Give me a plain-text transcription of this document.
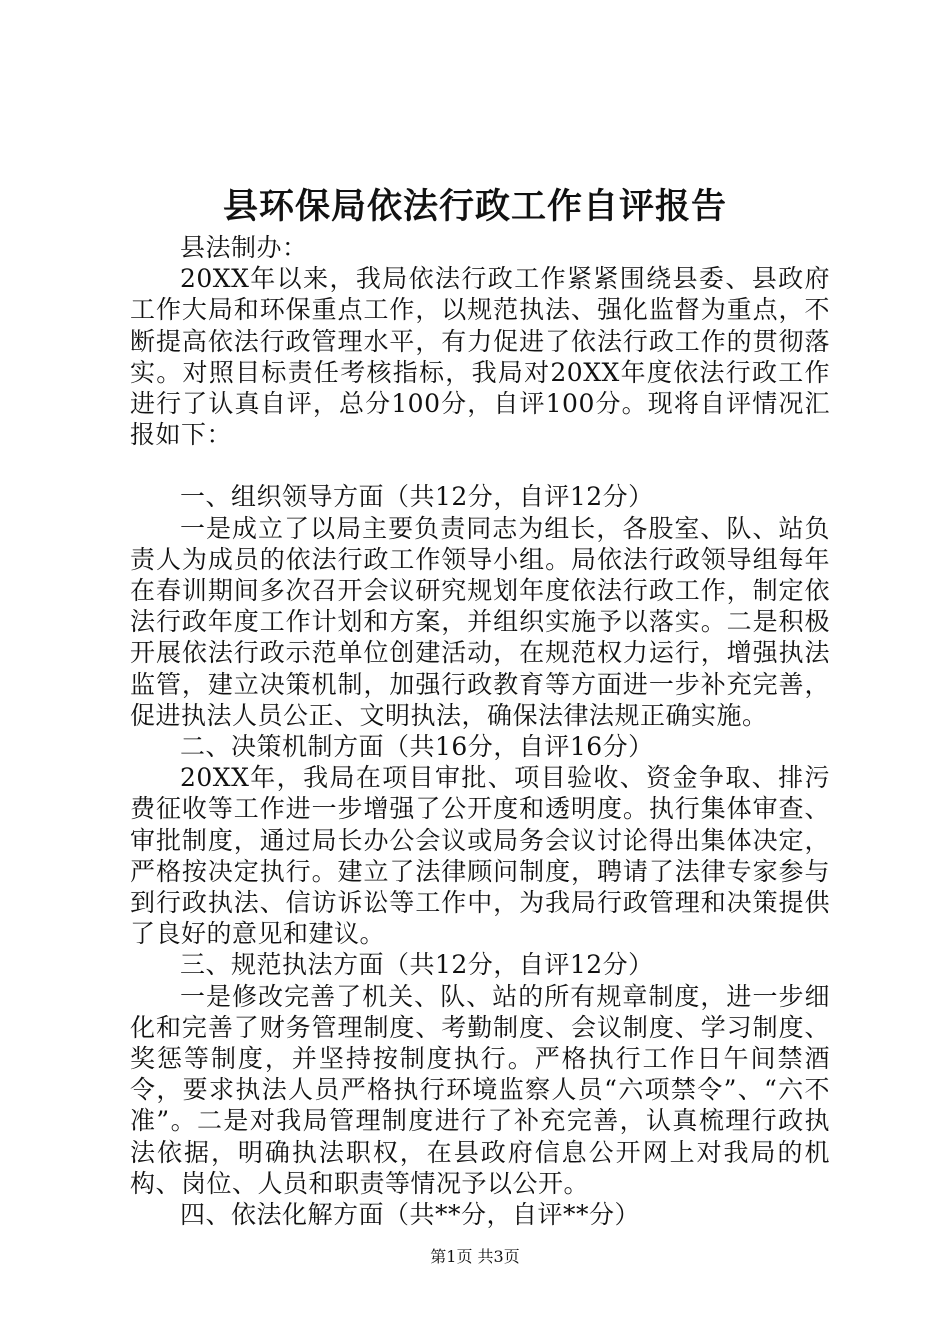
县环保局依法行政工作自评报告

县法制办：

20XX年以来，我局依法行政工作紧紧围绕县委、县政府工作大局和环保重点工作，以规范执法、强化监督为重点，不断提高依法行政管理水平，有力促进了依法行政工作的贯彻落实。对照目标责任考核指标，我局对20XX年度依法行政工作进行了认真自评，总分100分，自评100分。现将自评情况汇报如下：

一、组织领导方面（共12分，自评12分）

一是成立了以局主要负责同志为组长，各股室、队、站负责人为成员的依法行政工作领导小组。局依法行政领导组每年在春训期间多次召开会议研究规划年度依法行政工作，制定依法行政年度工作计划和方案，并组织实施予以落实。二是积极开展依法行政示范单位创建活动，在规范权力运行，增强执法监管，建立决策机制，加强行政教育等方面进一步补充完善，促进执法人员公正、文明执法，确保法律法规正确实施。

二、决策机制方面（共16分，自评16分）

20XX年，我局在项目审批、项目验收、资金争取、排污费征收等工作进一步增强了公开度和透明度。执行集体审查、审批制度，通过局长办公会议或局务会议讨论得出集体决定，严格按决定执行。建立了法律顾问制度，聘请了法律专家参与到行政执法、信访诉讼等工作中，为我局行政管理和决策提供了良好的意见和建议。

三、规范执法方面（共12分，自评12分）

一是修改完善了机关、队、站的所有规章制度，进一步细化和完善了财务管理制度、考勤制度、会议制度、学习制度、奖惩等制度，并坚持按制度执行。严格执行工作日午间禁酒令，要求执法人员严格执行环境监察人员“六项禁令”、“六不准”。二是对我局管理制度进行了补充完善，认真梳理行政执法依据，明确执法职权，在县政府信息公开网上对我局的机构、岗位、人员和职责等情况予以公开。

四、依法化解方面（共**分，自评**分）

第1页 共3页
